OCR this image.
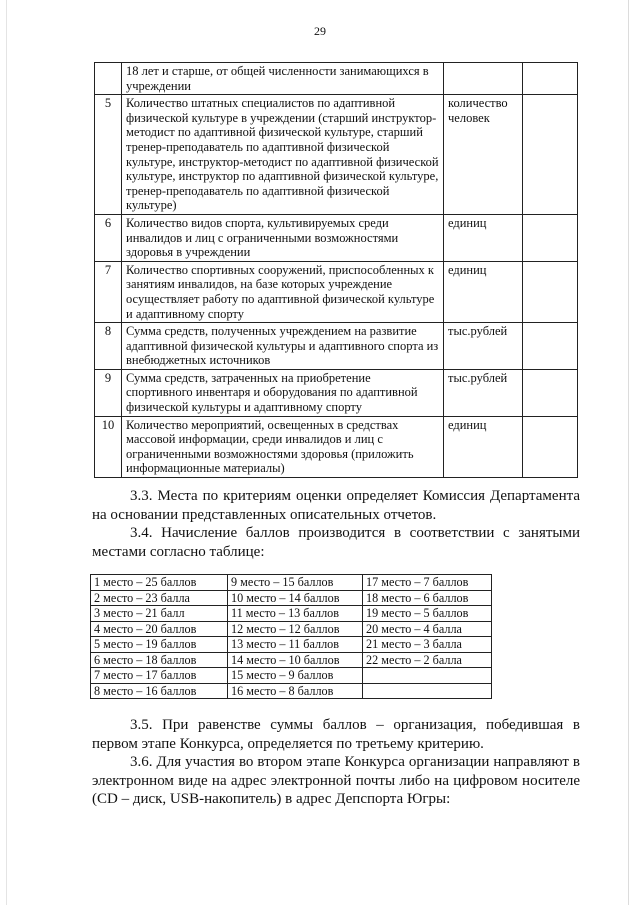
29
	18 лет и старше, от общей численности занимающихся в учреждении		
5	Количество штатных специалистов по адаптивной физической культуре в учреждении (старший инструктор-методист по адаптивной физической культуре, старший тренер-преподаватель по адаптивной физической культуре, инструктор-методист по адаптивной физической культуре, инструктор по адаптивной физической культуре, тренер-преподаватель по адаптивной физической культуре)	количество человек	
6	Количество видов спорта, культивируемых среди инвалидов и лиц с ограниченными возможностями здоровья в учреждении	единиц	
7	Количество спортивных сооружений, приспособленных к занятиям инвалидов, на базе которых учреждение осуществляет работу по адаптивной физической культуре и адаптивному спорту	единиц	
8	Сумма средств, полученных учреждением на развитие адаптивной физической культуры и адаптивного спорта из внебюджетных источников	тыс.рублей	
9	Сумма средств, затраченных на приобретение спортивного инвентаря и оборудования по адаптивной физической культуры и адаптивному спорту	тыс.рублей	
10	Количество мероприятий, освещенных в средствах массовой информации, среди инвалидов и лиц с ограниченными возможностями здоровья (приложить информационные материалы)	единиц	
3.3. Места по критериям оценки определяет Комиссия Департамента на основании представленных описательных отчетов.
3.4. Начисление баллов производится в соответствии с занятыми местами согласно таблице:
1 место – 25 баллов	9 место – 15 баллов	17 место – 7 баллов
2 место – 23 балла	10 место – 14 баллов	18 место – 6 баллов
3 место – 21 балл	11 место – 13 баллов	19 место – 5 баллов
4 место – 20 баллов	12 место – 12 баллов	20 место – 4 балла
5 место – 19 баллов	13 место – 11 баллов	21 место – 3 балла
6 место – 18 баллов	14 место – 10 баллов	22 место – 2 балла
7 место – 17 баллов	15 место – 9 баллов	
8 место – 16 баллов	16 место – 8 баллов	
3.5. При равенстве суммы баллов – организация, победившая в первом этапе Конкурса, определяется по третьему критерию.
3.6. Для участия во втором этапе Конкурса организации направляют в электронном виде на адрес электронной почты либо на цифровом носителе (CD – диск, USB-накопитель) в адрес Депспорта Югры:
